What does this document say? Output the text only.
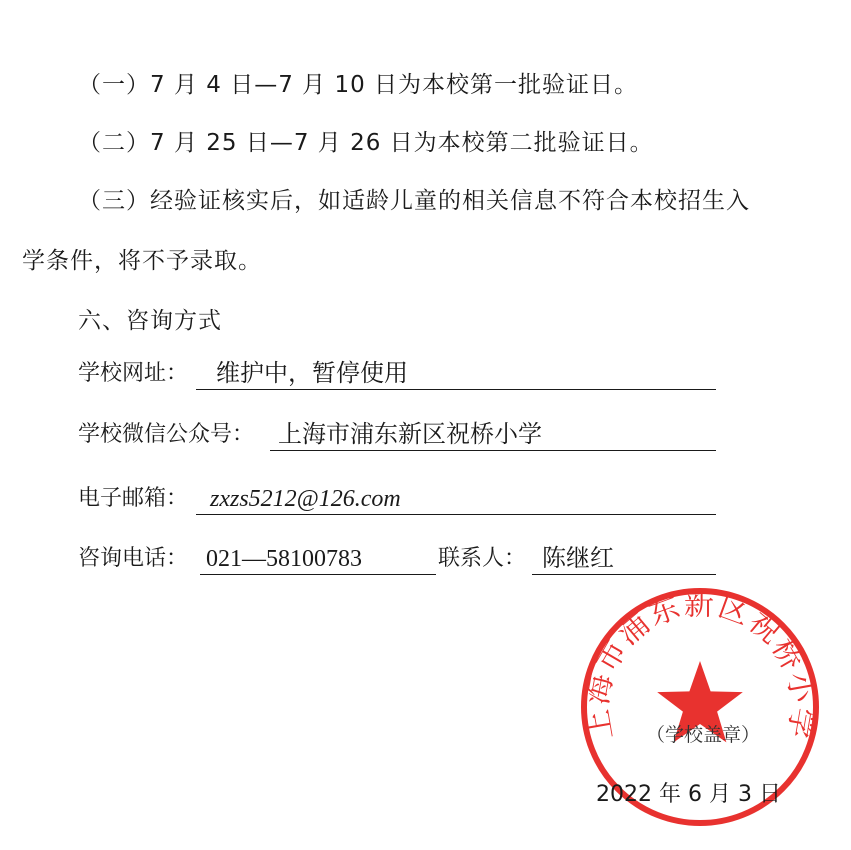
（一）7 月 4 日—7 月 10 日为本校第一批验证日。
（二）7 月 25 日—7 月 26 日为本校第二批验证日。
（三）经验证核实后，如适龄儿童的相关信息不符合本校招生入
学条件，将不予录取。
六、咨询方式
学校网址：	维护中，暂停使用
学校微信公众号： 上海市浦东新区祝桥小学
电子邮箱： zxzs5212@126.com
咨询电话： 021—58100783	联系人： 陈继红
上海市浦东新区祝桥小学
（学校盖章）
2022 年 6 月 3 日
